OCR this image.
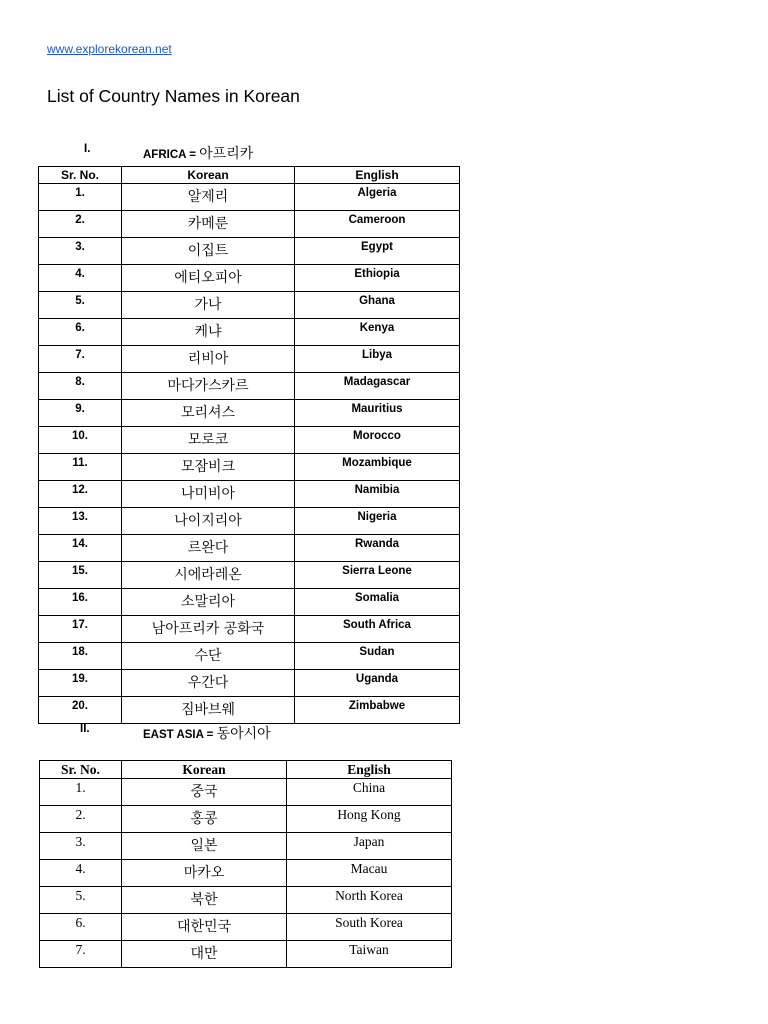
www.explorekorean.net
List of Country Names in Korean
I.	AFRICA = 아프리카
Sr. No.	Korean	English
1.	알제리	Algeria
2.	카메룬	Cameroon
3.	이집트	Egypt
4.	에티오피아	Ethiopia
5.	가나	Ghana
6.	케냐	Kenya
7.	리비아	Libya
8.	마다가스카르	Madagascar
9.	모리셔스	Mauritius
10.	모로코	Morocco
11.	모잠비크	Mozambique
12.	나미비아	Namibia
13.	나이지리아	Nigeria
14.	르완다	Rwanda
15.	시에라레온	Sierra Leone
16.	소말리아	Somalia
17.	남아프리카 공화국	South Africa
18.	수단	Sudan
19.	우간다	Uganda
20.	짐바브웨	Zimbabwe
II.	EAST ASIA = 동아시아
Sr. No.	Korean	English
1.	중국	China
2.	홍콩	Hong Kong
3.	일본	Japan
4.	마카오	Macau
5.	북한	North Korea
6.	대한민국	South Korea
7.	대만	Taiwan
